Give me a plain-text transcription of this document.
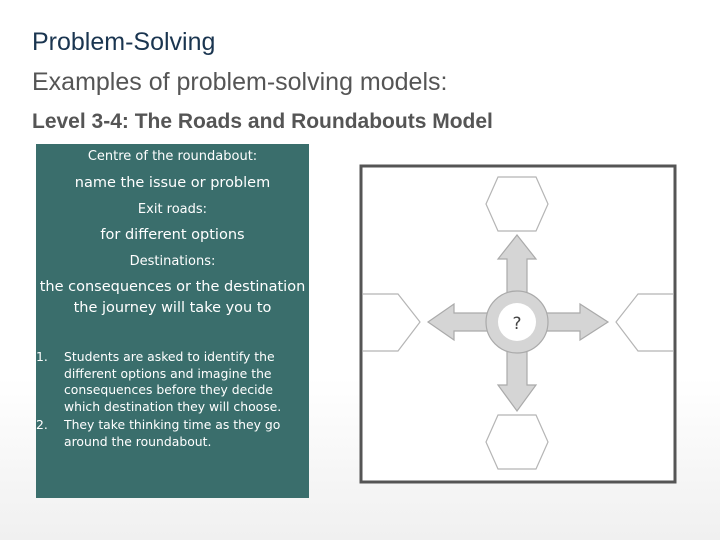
Problem-Solving
Examples of problem-solving models:
Level 3-4: The Roads and Roundabouts Model
Centre of the roundabout:
name the issue or problem
Exit roads:
for different options
Destinations:
the consequences or the destination
the journey will take you to
1. Students are asked to identify the
different options and imagine the
consequences before they decide
which destination they will choose.
2. They take thinking time as they go
around the roundabout.
?
